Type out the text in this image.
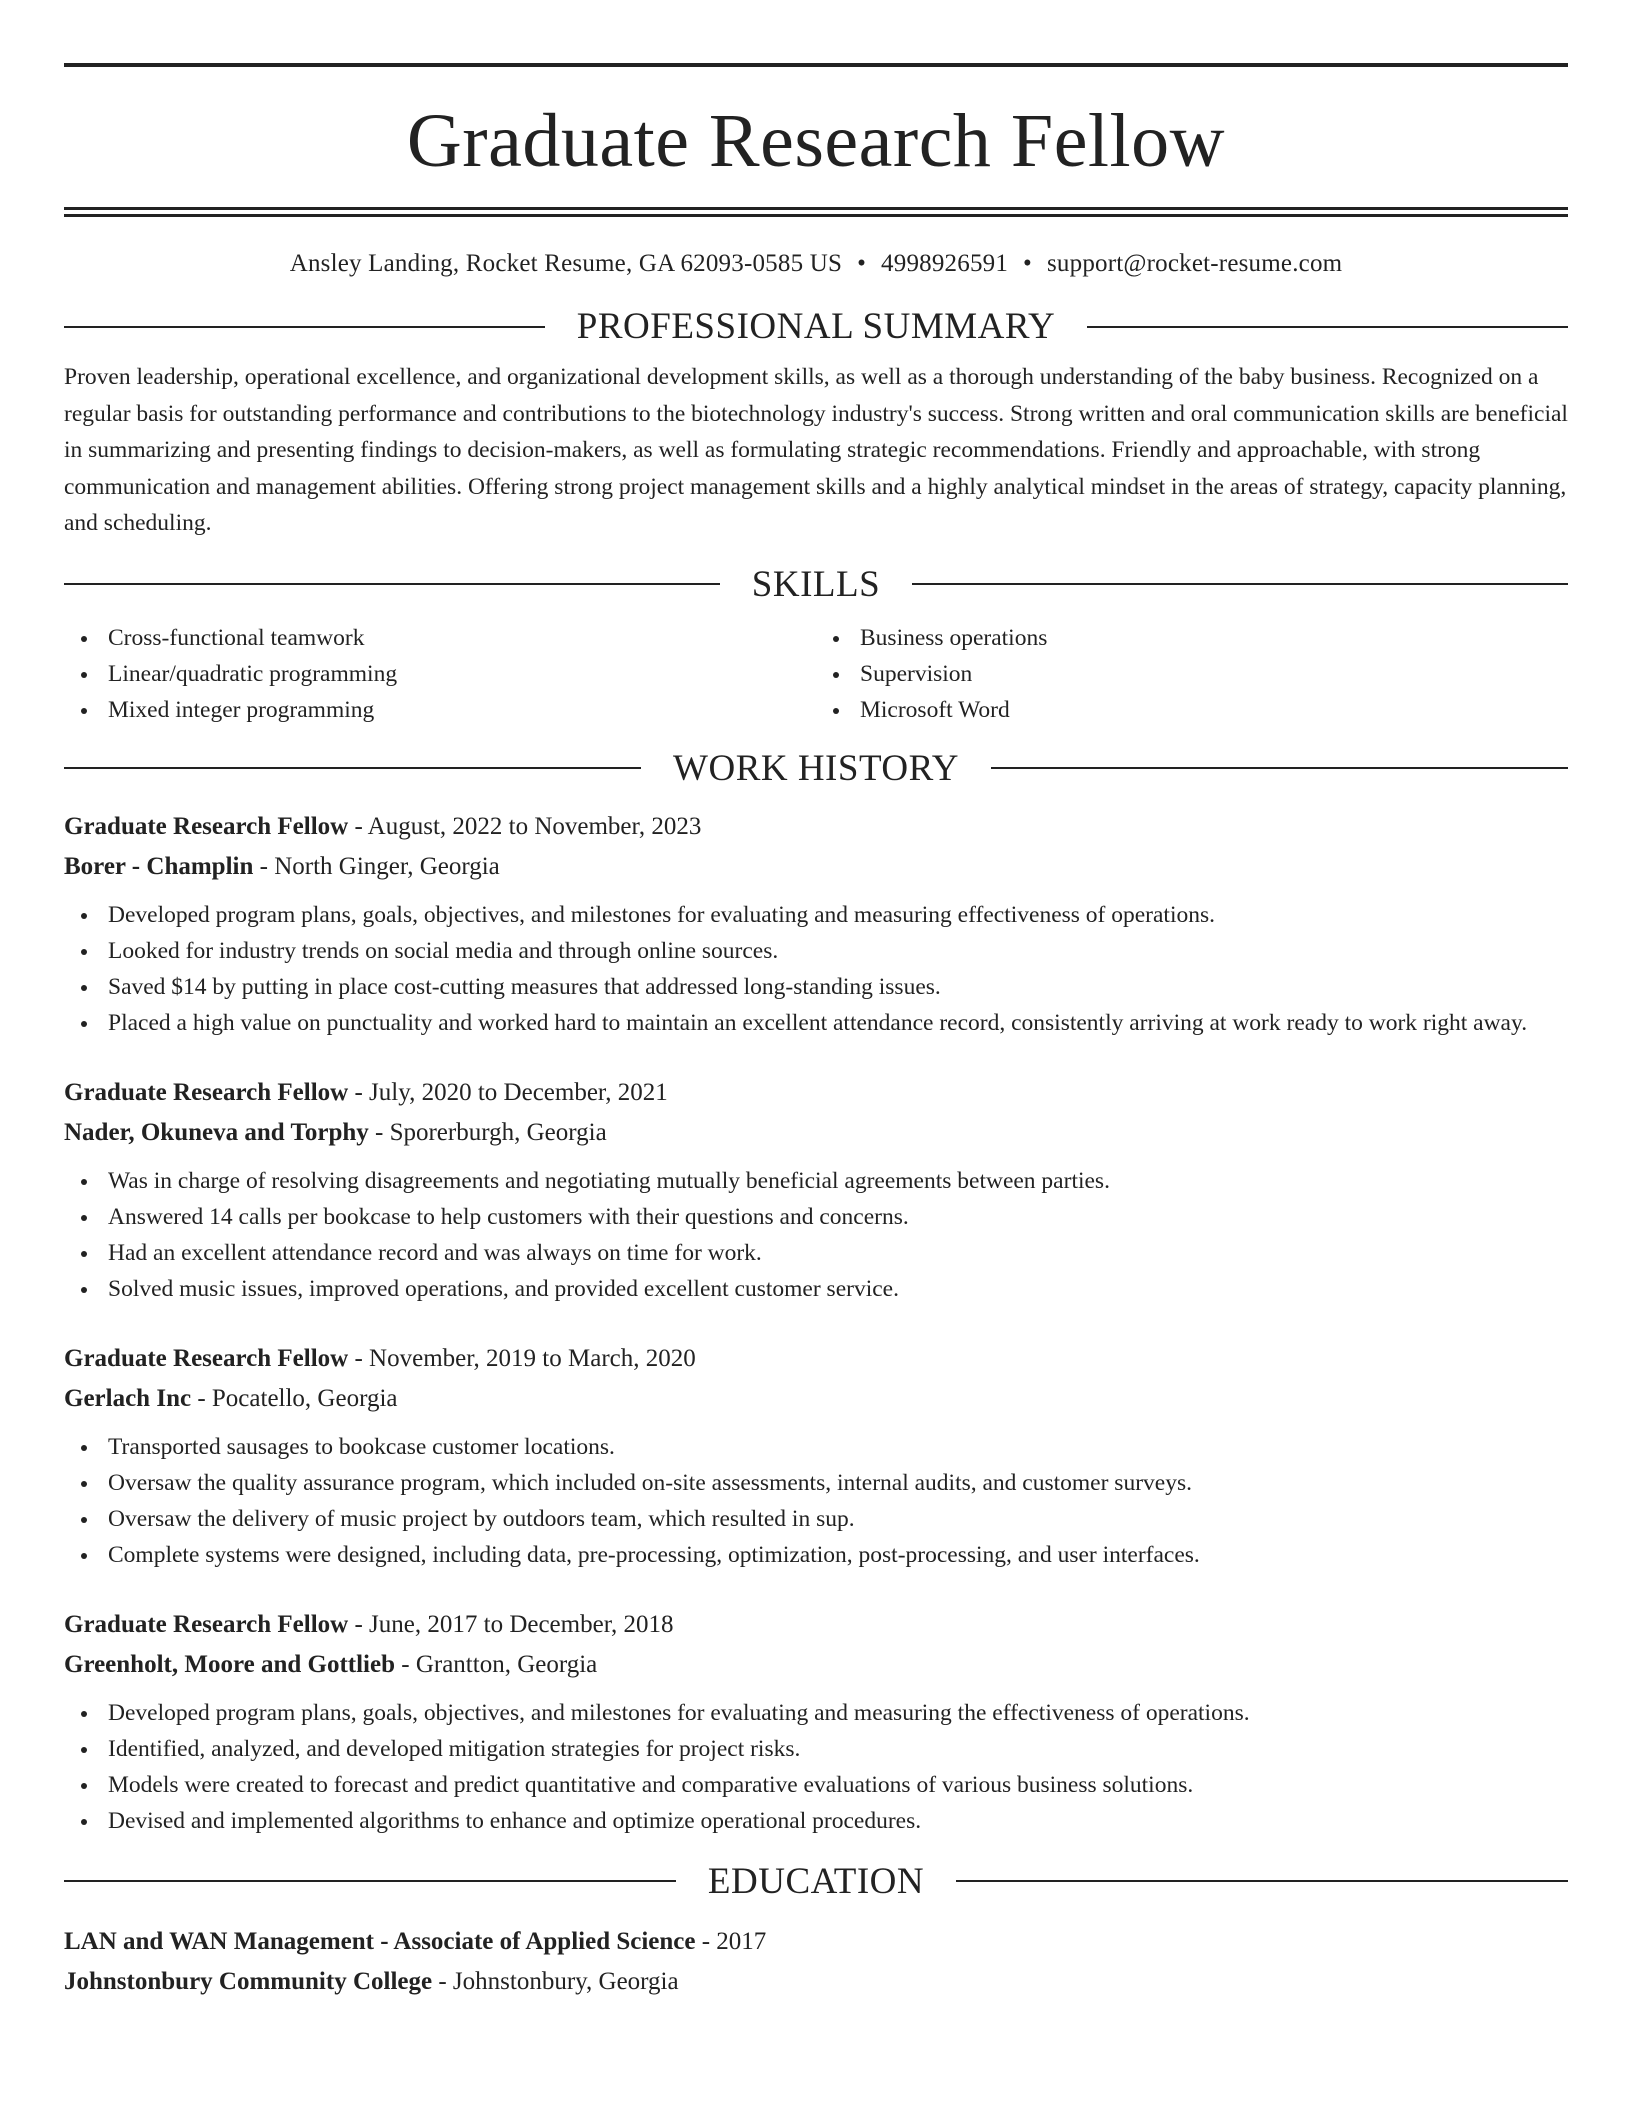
Graduate Research Fellow
Ansley Landing, Rocket Resume, GA 62093-0585 US • 4998926591 • support@rocket-resume.com
PROFESSIONAL SUMMARY
Proven leadership, operational excellence, and organizational development skills, as well as a thorough understanding of the baby business. Recognized on a regular basis for outstanding performance and contributions to the biotechnology industry's success. Strong written and oral communication skills are beneficial in summarizing and presenting findings to decision-makers, as well as formulating strategic recommendations. Friendly and approachable, with strong communication and management abilities. Offering strong project management skills and a highly analytical mindset in the areas of strategy, capacity planning, and scheduling.
SKILLS
Cross-functional teamwork
Linear/quadratic programming
Mixed integer programming
Business operations
Supervision
Microsoft Word
WORK HISTORY
Graduate Research Fellow - August, 2022 to November, 2023
Borer - Champlin - North Ginger, Georgia
Developed program plans, goals, objectives, and milestones for evaluating and measuring effectiveness of operations.
Looked for industry trends on social media and through online sources.
Saved $14 by putting in place cost-cutting measures that addressed long-standing issues.
Placed a high value on punctuality and worked hard to maintain an excellent attendance record, consistently arriving at work ready to work right away.
Graduate Research Fellow - July, 2020 to December, 2021
Nader, Okuneva and Torphy - Sporerburgh, Georgia
Was in charge of resolving disagreements and negotiating mutually beneficial agreements between parties.
Answered 14 calls per bookcase to help customers with their questions and concerns.
Had an excellent attendance record and was always on time for work.
Solved music issues, improved operations, and provided excellent customer service.
Graduate Research Fellow - November, 2019 to March, 2020
Gerlach Inc - Pocatello, Georgia
Transported sausages to bookcase customer locations.
Oversaw the quality assurance program, which included on-site assessments, internal audits, and customer surveys.
Oversaw the delivery of music project by outdoors team, which resulted in sup.
Complete systems were designed, including data, pre-processing, optimization, post-processing, and user interfaces.
Graduate Research Fellow - June, 2017 to December, 2018
Greenholt, Moore and Gottlieb - Grantton, Georgia
Developed program plans, goals, objectives, and milestones for evaluating and measuring the effectiveness of operations.
Identified, analyzed, and developed mitigation strategies for project risks.
Models were created to forecast and predict quantitative and comparative evaluations of various business solutions.
Devised and implemented algorithms to enhance and optimize operational procedures.
EDUCATION
LAN and WAN Management - Associate of Applied Science - 2017
Johnstonbury Community College - Johnstonbury, Georgia
